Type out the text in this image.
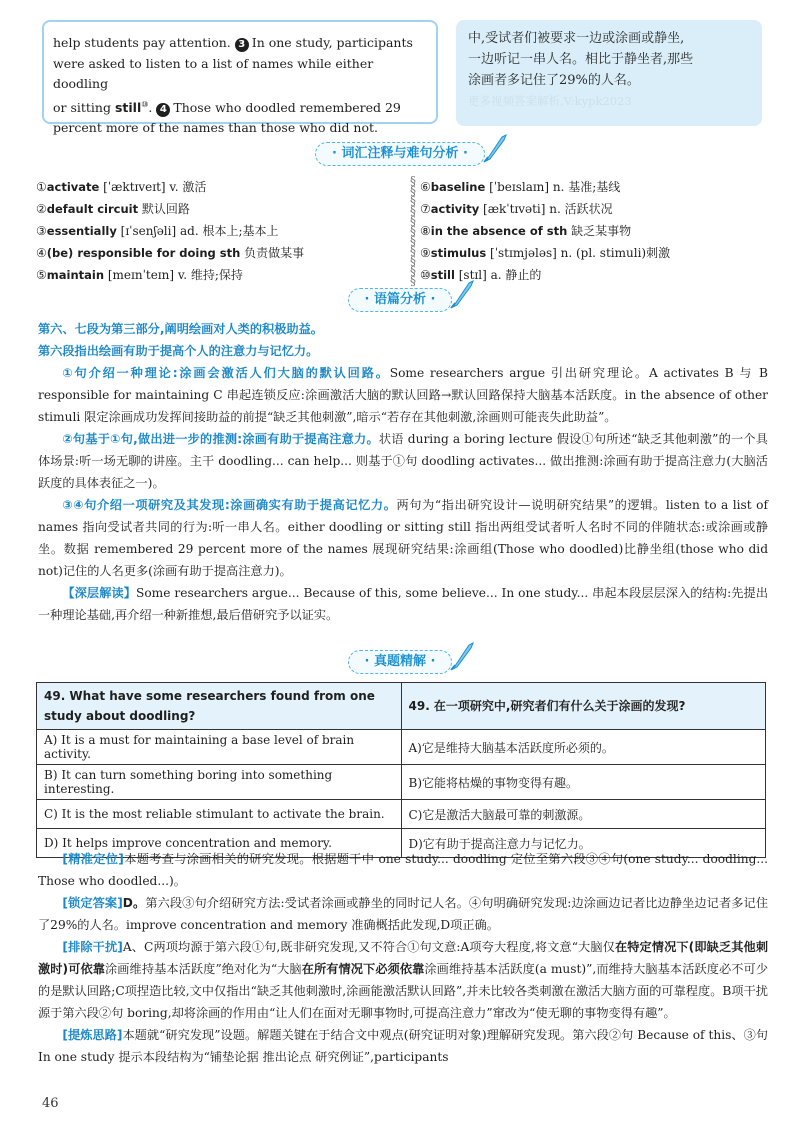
help students pay attention. 3 In one study, participants
were asked to listen to a list of names while either doodling
or sitting still⑩. 4 Those who doodled remembered 29
percent more of the names than those who did not.
中,受试者们被要求一边或涂画或静坐,
一边听记一串人名。相比于静坐者,那些
涂画者多记住了29%的人名。
更多视频答案解析,V:kypk2023
· 词汇注释与难句分析 ·
①activate [ˈæktɪveɪt] v. 激活
②default circuit 默认回路
③essentially [ɪˈsenʃəli] ad. 根本上;基本上
④(be) responsible for doing sth 负责做某事
⑤maintain [meɪnˈteɪn] v. 维持;保持
§
§
§
§
§
§
§
§
§
§
§
⑥baseline [ˈbeɪslaɪn] n. 基准;基线
⑦activity [ækˈtɪvəti] n. 活跃状况
⑧in the absence of sth 缺乏某事物
⑨stimulus [ˈstɪmjələs] n. (pl. stimuli)刺激
⑩still [stɪl] a. 静止的
· 语篇分析 ·

第六、七段为第三部分,阐明绘画对人类的积极助益。

第六段指出绘画有助于提高个人的注意力与记忆力。

①句介绍一种理论:涂画会激活人们大脑的默认回路。Some researchers argue 引出研究理论。A activates B 与 B responsible for maintaining C 串起连锁反应:涂画激活大脑的默认回路→默认回路保持大脑基本活跃度。in the absence of other stimuli 限定涂画成功发挥间接助益的前提“缺乏其他刺激”,暗示“若存在其他刺激,涂画则可能丧失此助益”。

②句基于①句,做出进一步的推测:涂画有助于提高注意力。状语 during a boring lecture 假设①句所述“缺乏其他刺激”的一个具体场景:听一场无聊的讲座。主干 doodling... can help... 则基于①句 doodling activates... 做出推测:涂画有助于提高注意力(大脑活跃度的具体表征之一)。

③④句介绍一项研究及其发现:涂画确实有助于提高记忆力。两句为“指出研究设计—说明研究结果”的逻辑。listen to a list of names 指向受试者共同的行为:听一串人名。either doodling or sitting still 指出两组受试者听人名时不同的伴随状态:或涂画或静坐。数据 remembered 29 percent more of the names 展现研究结果:涂画组(Those who doodled)比静坐组(those who did not)记住的人名更多(涂画有助于提高注意力)。

【深层解读】Some researchers argue... Because of this, some believe... In one study... 串起本段层层深入的结构:先提出一种理论基础,再介绍一种新推想,最后借研究予以证实。

· 真题精解 ·
49. What have some researchers found from one study about doodling?	49. 在一项研究中,研究者们有什么关于涂画的发现?
A) It is a must for maintaining a base level of brain activity.	A)它是维持大脑基本活跃度所必须的。
B) It can turn something boring into something interesting.	B)它能将枯燥的事物变得有趣。
C) It is the most reliable stimulant to activate the brain.	C)它是激活大脑最可靠的刺激源。
D) It helps improve concentration and memory.	D)它有助于提高注意力与记忆力。

[精准定位]本题考查与涂画相关的研究发现。根据题干中 one study... doodling 定位至第六段③④句(one study... doodling... Those who doodled...)。

[锁定答案]D。第六段③句介绍研究方法:受试者涂画或静坐的同时记人名。④句明确研究发现:边涂画边记者比边静坐边记者多记住了29%的人名。improve concentration and memory 准确概括此发现,D项正确。

[排除干扰]A、C两项均源于第六段①句,既非研究发现,又不符合①句文意:A项夸大程度,将文意“大脑仅在特定情况下(即缺乏其他刺激时)可依靠涂画维持基本活跃度”绝对化为“大脑在所有情况下必须依靠涂画维持基本活跃度(a must)”,而维持大脑基本活跃度必不可少的是默认回路;C项捏造比较,文中仅指出“缺乏其他刺激时,涂画能激活默认回路”,并未比较各类刺激在激活大脑方面的可靠程度。B项干扰源于第六段②句 boring,却将涂画的作用由“让人们在面对无聊事物时,可提高注意力”窜改为“使无聊的事物变得有趣”。

[提炼思路]本题就“研究发现”设题。解题关键在于结合文中观点(研究证明对象)理解研究发现。第六段②句 Because of this、③句 In one study 提示本段结构为“铺垫论据 推出论点 研究例证”,participants

46
